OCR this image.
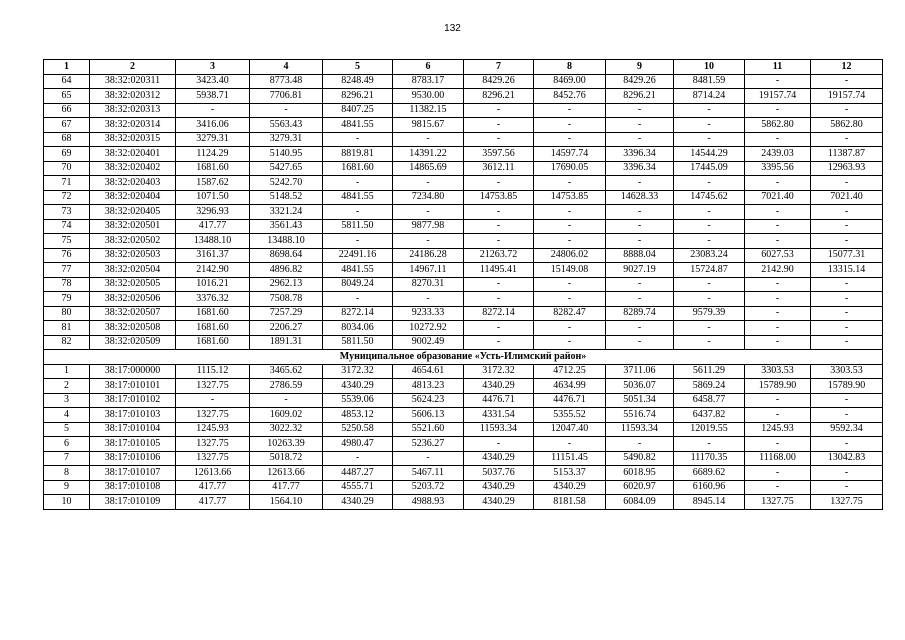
132
1	2	3	4	5	6	7	8	9	10	11	12
64	38:32:020311	3423.40	8773.48	8248.49	8783.17	8429.26	8469.00	8429.26	8481.59	-	-
65	38:32:020312	5938.71	7706.81	8296.21	9530.00	8296.21	8452.76	8296.21	8714.24	19157.74	19157.74
66	38:32:020313	-	-	8407.25	11382.15	-	-	-	-	-	-
67	38:32:020314	3416.06	5563.43	4841.55	9815.67	-	-	-	-	5862.80	5862.80
68	38:32:020315	3279.31	3279.31	-	-	-	-	-	-	-	-
69	38:32:020401	1124.29	5140.95	8819.81	14391.22	3597.56	14597.74	3396.34	14544.29	2439.03	11387.87
70	38:32:020402	1681.60	5427.65	1681.60	14865.69	3612.11	17690.05	3396.34	17445.09	3395.56	12963.93
71	38:32:020403	1587.62	5242.70	-	-	-	-	-	-	-	-
72	38:32:020404	1071.50	5148.52	4841.55	7234.80	14753.85	14753.85	14628.33	14745.62	7021.40	7021.40
73	38:32:020405	3296.93	3321.24	-	-	-	-	-	-	-	-
74	38:32:020501	417.77	3561.43	5811.50	9877.98	-	-	-	-	-	-
75	38:32:020502	13488.10	13488.10	-	-	-	-	-	-	-	-
76	38:32:020503	3161.37	8698.64	22491.16	24186.28	21263.72	24806.02	8888.04	23083.24	6027.53	15077.31
77	38:32:020504	2142.90	4896.82	4841.55	14967.11	11495.41	15149.08	9027.19	15724.87	2142.90	13315.14
78	38:32:020505	1016.21	2962.13	8049.24	8270.31	-	-	-	-	-	-
79	38:32:020506	3376.32	7508.78	-	-	-	-	-	-	-	-
80	38:32:020507	1681.60	7257.29	8272.14	9233.33	8272.14	8282.47	8289.74	9579.39	-	-
81	38:32:020508	1681.60	2206.27	8034.06	10272.92	-	-	-	-	-	-
82	38:32:020509	1681.60	1891.31	5811.50	9002.49	-	-	-	-	-	-
Муниципальное образование «Усть-Илимский район»											
1	38:17:000000	1115.12	3465.62	3172.32	4654.61	3172.32	4712.25	3711.06	5611.29	3303.53	3303.53
2	38:17:010101	1327.75	2786.59	4340.29	4813.23	4340.29	4634.99	5036.07	5869.24	15789.90	15789.90
3	38:17:010102	-	-	5539.06	5624.23	4476.71	4476.71	5051.34	6458.77	-	-
4	38:17:010103	1327.75	1609.02	4853.12	5606.13	4331.54	5355.52	5516.74	6437.82	-	-
5	38:17:010104	1245.93	3022.32	5250.58	5521.60	11593.34	12047.40	11593.34	12019.55	1245.93	9592.34
6	38:17:010105	1327.75	10263.39	4980.47	5236.27	-	-	-	-	-	-
7	38:17:010106	1327.75	5018.72	-	-	4340.29	11151.45	5490.82	11170.35	11168.00	13042.83
8	38:17:010107	12613.66	12613.66	4487.27	5467.11	5037.76	5153.37	6018.95	6689.62	-	-
9	38:17:010108	417.77	417.77	4555.71	5203.72	4340.29	4340.29	6020.97	6160.96	-	-
10	38:17:010109	417.77	1564.10	4340.29	4988.93	4340.29	8181.58	6084.09	8945.14	1327.75	1327.75
